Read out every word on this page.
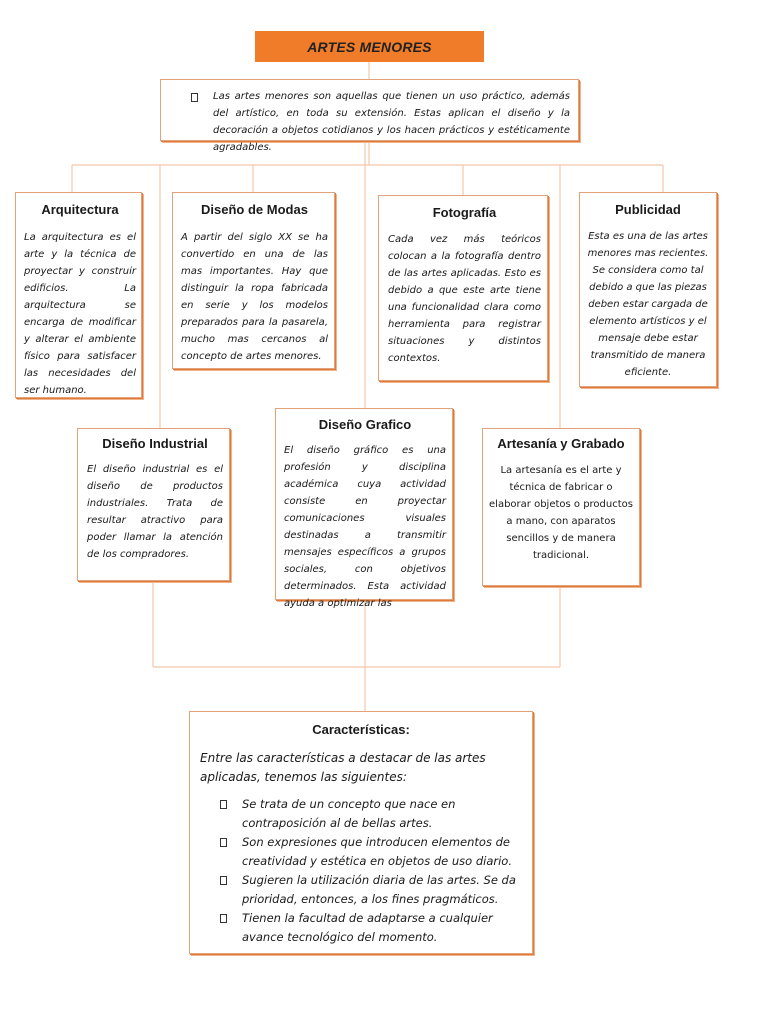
ARTES MENORES

Las artes menores son aquellas que tienen un uso práctico, además del artístico, en toda su extensión. Estas aplican el diseño y la decoración a objetos cotidianos y los hacen prácticos y estéticamente agradables.

Arquitectura

La arquitectura es el arte y la técnica de proyectar y construir edificios. La arquitectura se encarga de modificar y alterar el ambiente físico para satisfacer las necesidades del ser humano.

Diseño de Modas

A partir del siglo XX se ha convertido en una de las mas importantes. Hay que distinguir la ropa fabricada en serie y los modelos preparados para la pasarela, mucho mas cercanos al concepto de artes menores.

Fotografía

Cada vez más teóricos colocan a la fotografía dentro de las artes aplicadas. Esto es debido a que este arte tiene una funcionalidad clara como herramienta para registrar situaciones y distintos contextos.

Publicidad

Esta es una de las artes menores mas recientes. Se considera como tal debido a que las piezas deben estar cargada de elemento artísticos y el mensaje debe estar transmitido de manera eficiente.

Diseño Industrial

El diseño industrial es el diseño de productos industriales. Trata de resultar atractivo para poder llamar la atención de los compradores.

Diseño Grafico

El diseño gráfico es una profesión y disciplina académica cuya actividad consiste en proyectar comunicaciones visuales destinadas a transmitir mensajes específicos a grupos sociales, con objetivos determinados. Esta actividad ayuda a optimizar las

Artesanía y Grabado

La artesanía es el arte y técnica de fabricar o elaborar objetos o productos a mano, con aparatos sencillos y de manera tradicional.

Características:

Entre las características a destacar de las artes aplicadas, tenemos las siguientes:

Se trata de un concepto que nace en contraposición al de bellas artes.
Son expresiones que introducen elementos de creatividad y estética en objetos de uso diario.
Sugieren la utilización diaria de las artes. Se da prioridad, entonces, a los fines pragmáticos.
Tienen la facultad de adaptarse a cualquier avance tecnológico del momento.
